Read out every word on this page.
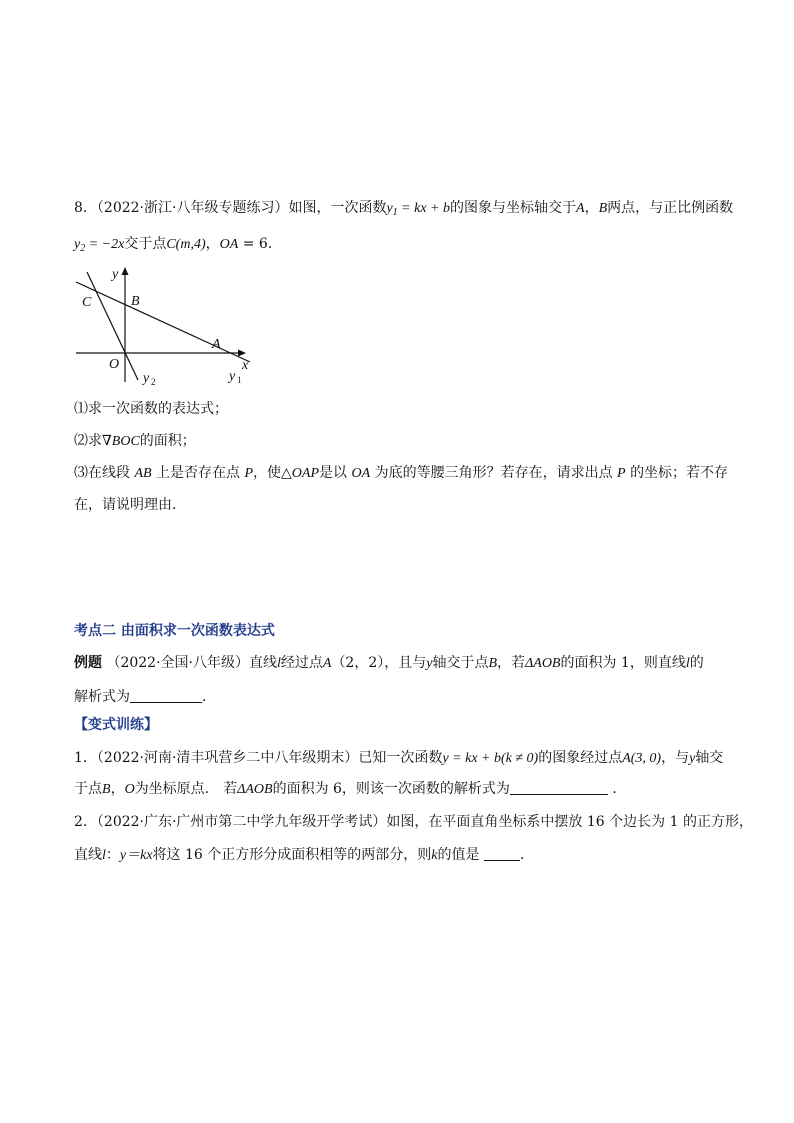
8．（2022·浙江·八年级专题练习）如图，一次函数$y_1$ = kx + b的图象与坐标轴交于A，B两点，与正比例函数
$y_2 = -2x$交于点C(m,4)，OA = 6．
y
x
C	B
O
A
y 2	y 1
⑴求一次函数的表达式；
⑵求∇BOC的面积；
⑶在线段 AB 上是否存在点 P，使△OAP是以 OA 为底的等腰三角形？若存在，请求出点 P 的坐标；若不存
在，请说明理由．
考点二 由面积求一次函数表达式
例题 （2022·全国·八年级）直线l经过点A（2，2），且与y轴交于点B，若ΔAOB的面积为 1，则直线l的
解析式为	．
【变式训练】
1．（2022·河南·清丰巩营乡二中八年级期末）已知一次函数y = kx + b(k ≠ 0)的图象经过点A(3, 0)，与y轴交
于点B，O为坐标原点． 若ΔAOB的面积为 6，则该一次函数的解析式为	．
2．（2022·广东·广州市第二中学九年级开学考试）如图，在平面直角坐标系中摆放 16 个边长为 1 的正方形，
直线l：y＝kx将这 16 个正方形分成面积相等的两部分，则k的值是	．
